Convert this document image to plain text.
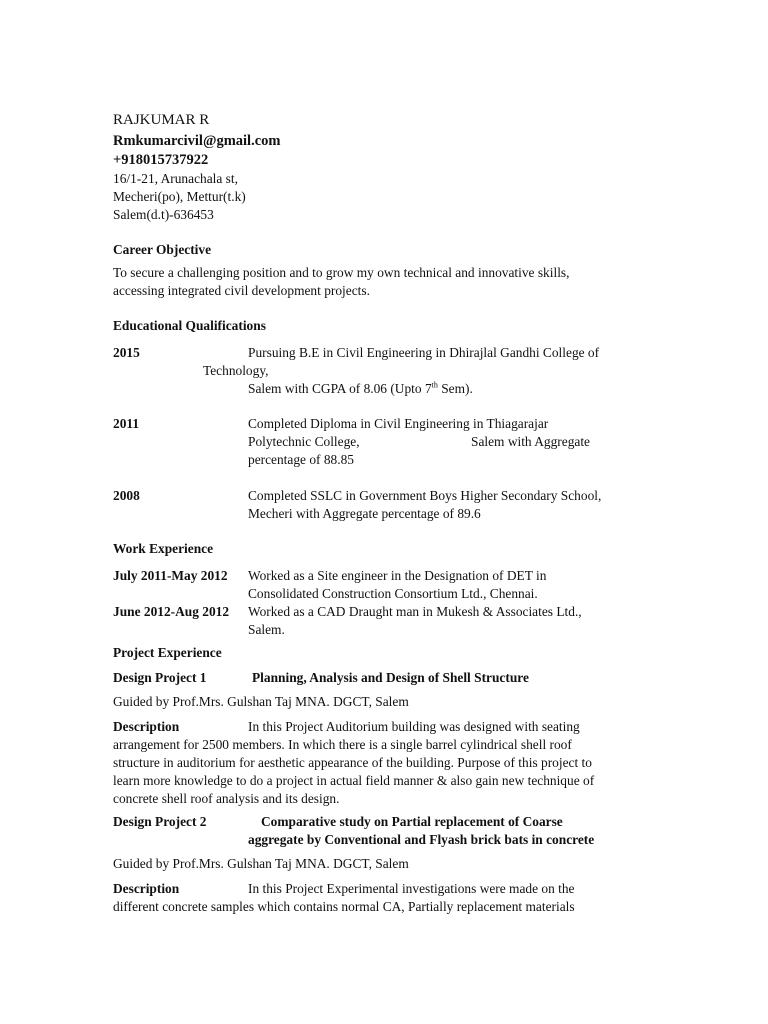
RAJKUMAR R
Rmkumarcivil@gmail.com
+918015737922
16/1-21, Arunachala st,
Mecheri(po), Mettur(t.k)
Salem(d.t)-636453
Career Objective
To secure a challenging position and to grow my own technical and innovative skills,
accessing integrated civil development projects.
Educational Qualifications
2015	Pursuing B.E in Civil Engineering in Dhirajlal Gandhi College of
Technology,
Salem with CGPA of 8.06 (Upto 7th Sem).
2011	Completed Diploma in Civil Engineering in Thiagarajar
Polytechnic College,	Salem with Aggregate
percentage of 88.85
2008	Completed SSLC in Government Boys Higher Secondary School,
Mecheri with Aggregate percentage of 89.6
Work Experience
July 2011-May 2012 Worked as a Site engineer in the Designation of DET in
Consolidated Construction Consortium Ltd., Chennai.
June 2012-Aug 2012 Worked as a CAD Draught man in Mukesh & Associates Ltd.,
Salem.
Project Experience
Design Project 1	Planning, Analysis and Design of Shell Structure
Guided by Prof.Mrs. Gulshan Taj MNA. DGCT, Salem
Description	In this Project Auditorium building was designed with seating
arrangement for 2500 members. In which there is a single barrel cylindrical shell roof
structure in auditorium for aesthetic appearance of the building. Purpose of this project to
learn more knowledge to do a project in actual field manner & also gain new technique of
concrete shell roof analysis and its design.
Design Project 2	Comparative study on Partial replacement of Coarse
aggregate by Conventional and Flyash brick bats in concrete
Guided by Prof.Mrs. Gulshan Taj MNA. DGCT, Salem
Description	In this Project Experimental investigations were made on the
different concrete samples which contains normal CA, Partially replacement materials
